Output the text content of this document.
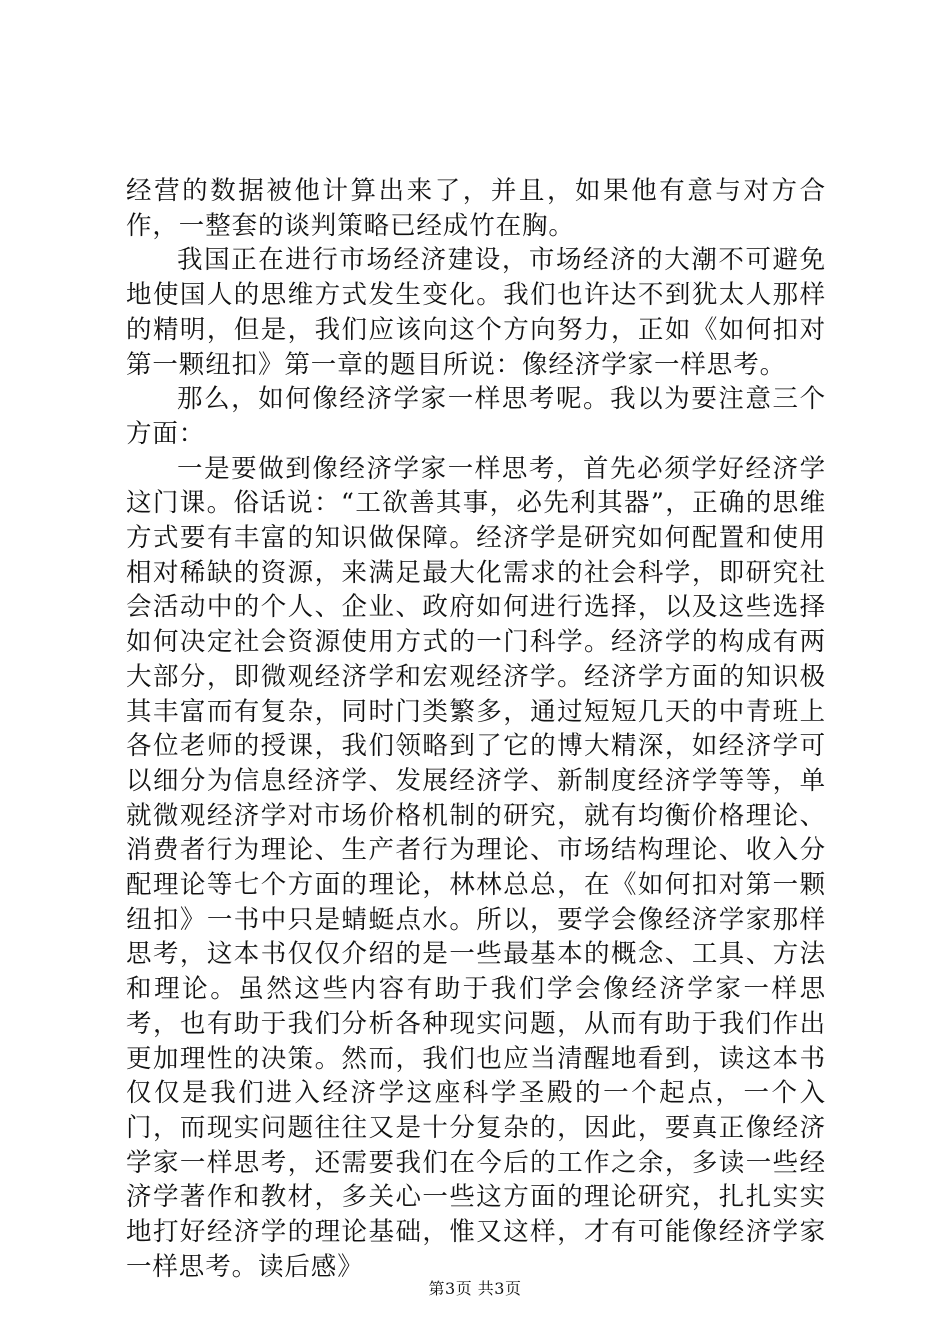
经营的数据被他计算出来了，并且，如果他有意与对方合作，一整套的谈判策略已经成竹在胸。

我国正在进行市场经济建设，市场经济的大潮不可避免地使国人的思维方式发生变化。我们也许达不到犹太人那样的精明，但是，我们应该向这个方向努力，正如《如何扣对第一颗纽扣》第一章的题目所说：像经济学家一样思考。

那么，如何像经济学家一样思考呢。我以为要注意三个方面：

一是要做到像经济学家一样思考，首先必须学好经济学这门课。俗话说：“工欲善其事，必先利其器”，正确的思维方式要有丰富的知识做保障。经济学是研究如何配置和使用相对稀缺的资源，来满足最大化需求的社会科学，即研究社会活动中的个人、企业、政府如何进行选择，以及这些选择如何决定社会资源使用方式的一门科学。经济学的构成有两大部分，即微观经济学和宏观经济学。经济学方面的知识极其丰富而有复杂，同时门类繁多，通过短短几天的中青班上各位老师的授课，我们领略到了它的博大精深，如经济学可以细分为信息经济学、发展经济学、新制度经济学等等，单就微观经济学对市场价格机制的研究，就有均衡价格理论、消费者行为理论、生产者行为理论、市场结构理论、收入分配理论等七个方面的理论，林林总总，在《如何扣对第一颗纽扣》一书中只是蜻蜓点水。所以，要学会像经济学家那样思考，这本书仅仅介绍的是一些最基本的概念、工具、方法和理论。虽然这些内容有助于我们学会像经济学家一样思考，也有助于我们分析各种现实问题，从而有助于我们作出更加理性的决策。然而，我们也应当清醒地看到，读这本书仅仅是我们进入经济学这座科学圣殿的一个起点，一个入门，而现实问题往往又是十分复杂的，因此，要真正像经济学家一样思考，还需要我们在今后的工作之余，多读一些经济学著作和教材，多关心一些这方面的理论研究，扎扎实实地打好经济学的理论基础，惟又这样，才有可能像经济学家一样思考。读后感》

第3页 共3页
